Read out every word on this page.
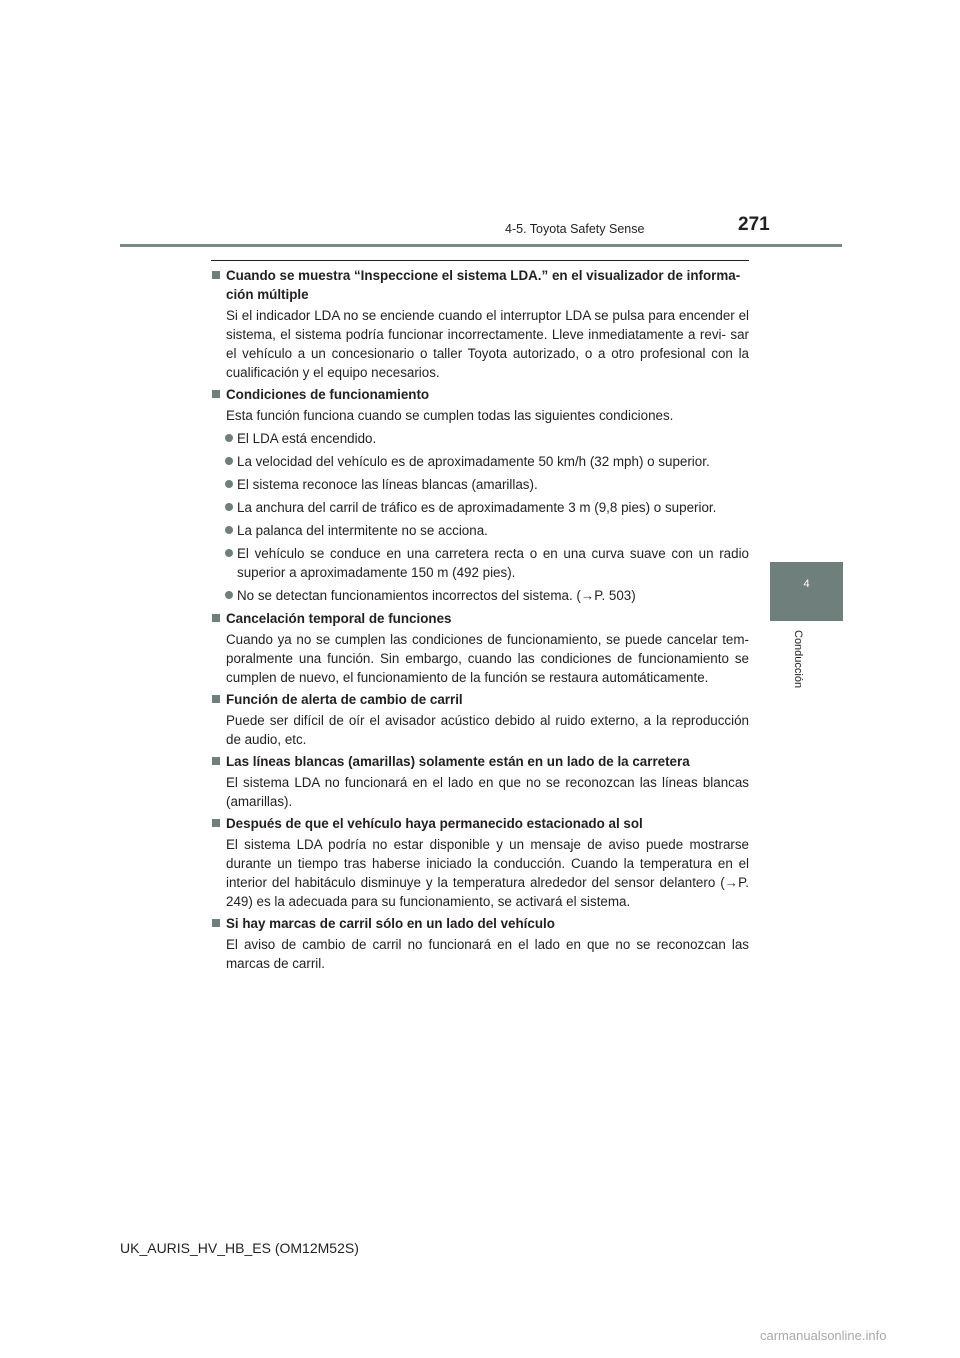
4-5. Toyota Safety Sense	271
4
Conducción
Cuando se muestra “Inspeccione el sistema LDA.” en el visualizador de informa- ción múltiple
Si el indicador LDA no se enciende cuando el interruptor LDA se pulsa para encender el sistema, el sistema podría funcionar incorrectamente. Lleve inmediatamente a revi- sar el vehículo a un concesionario o taller Toyota autorizado, o a otro profesional con la cualificación y el equipo necesarios.
Condiciones de funcionamiento
Esta función funciona cuando se cumplen todas las siguientes condiciones.
El LDA está encendido.
La velocidad del vehículo es de aproximadamente 50 km/h (32 mph) o superior.
El sistema reconoce las líneas blancas (amarillas).
La anchura del carril de tráfico es de aproximadamente 3 m (9,8 pies) o superior.
La palanca del intermitente no se acciona.
El vehículo se conduce en una carretera recta o en una curva suave con un radio superior a aproximadamente 150 m (492 pies).
No se detectan funcionamientos incorrectos del sistema. (→P. 503)
Cancelación temporal de funciones
Cuando ya no se cumplen las condiciones de funcionamiento, se puede cancelar tem- poralmente una función. Sin embargo, cuando las condiciones de funcionamiento se cumplen de nuevo, el funcionamiento de la función se restaura automáticamente.
Función de alerta de cambio de carril
Puede ser difícil de oír el avisador acústico debido al ruido externo, a la reproducción de audio, etc.
Las líneas blancas (amarillas) solamente están en un lado de la carretera
El sistema LDA no funcionará en el lado en que no se reconozcan las líneas blancas (amarillas).
Después de que el vehículo haya permanecido estacionado al sol
El sistema LDA podría no estar disponible y un mensaje de aviso puede mostrarse durante un tiempo tras haberse iniciado la conducción. Cuando la temperatura en el interior del habitáculo disminuye y la temperatura alrededor del sensor delantero (→P. 249) es la adecuada para su funcionamiento, se activará el sistema.
Si hay marcas de carril sólo en un lado del vehículo
El aviso de cambio de carril no funcionará en el lado en que no se reconozcan las marcas de carril.
UK_AURIS_HV_HB_ES (OM12M52S)
carmanualsonline.info
